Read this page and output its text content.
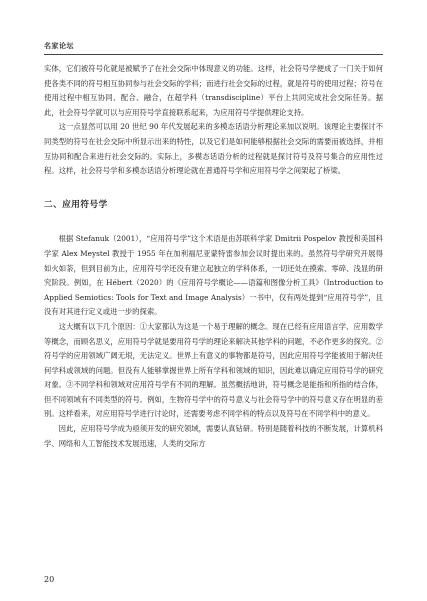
名家论坛

实体，它们被符号化就是被赋予了在社会交际中体现意义的功能。这样，社会符号学便成了一门关于如何使各类不同的符号相互协同参与社会交际的学科；而进行社会交际的过程，就是符号的使用过程；符号在使用过程中相互协同、配合、融合，在超学科（transdiscipline）平台上共同完成社会交际任务。据此，社会符号学就可以与应用符号学直接联系起来，为应用符号学提供理论支持。

这一点显然可以用 20 世纪 90 年代发展起来的多模态话语分析理论来加以说明。该理论主要探讨不同类型的符号在社会交际中所显示出来的特性，以及它们是如何能够根据社会交际的需要而被选择，并相互协同和配合来进行社会交际的。实际上，多模态话语分析的过程就是探讨符号及符号集合的应用性过程。这样，社会符号学和多模态话语分析理论就在普通符号学和应用符号学之间架起了桥梁。

二、应用符号学

根据 Stefanuk（2001），“应用符号学”这个术语是由苏联科学家 Dmitrii Pospelov 教授和美国科学家 Alex Meystel 教授于 1955 年在加利福尼亚蒙特雷参加会议时提出来的。虽然符号学研究开展得如火如荼，但到目前为止，应用符号学还没有建立起独立的学科体系，一切还处在摸索、零碎、浅显的研究阶段。例如，在 Hébert（2020）的《应用符号学概论——语篇和图像分析工具》（Introduction to Applied Semiotics: Tools for Text and Image Analysis）一书中，仅有两处提到“应用符号学”，且没有对其进行定义或进一步的探索。

这大概有以下几个原因：①大家都认为这是一个易于理解的概念。现在已经有应用语言学、应用数学等概念，而顾名思义，应用符号学就是要用符号学的理论来解决其他学科的问题，不必作更多的探究。②符号学的应用领域广阔无垠，无法定义。世界上有意义的事物都是符号，因此应用符号学能被用于解决任何学科或领域的问题。但没有人能够掌握世界上所有学科和领域的知识，因此难以确定应用符号学的研究对象。③不同学科和领域对应用符号学有不同的理解。虽然概括地讲，符号概念是能指和所指的结合体，但不同领域有不同类型的符号。例如，生物符号学中的符号意义与社会符号学中的符号意义存在明显的差别。这样看来，对应用符号学进行讨论时，还需要考虑不同学科的特点以及符号在不同学科中的意义。

因此，应用符号学成为亟须开发的研究领域，需要认真钻研。特别是随着科技的不断发展，计算机科学、网络和人工智能技术发展迅速，人类的交际方

20
